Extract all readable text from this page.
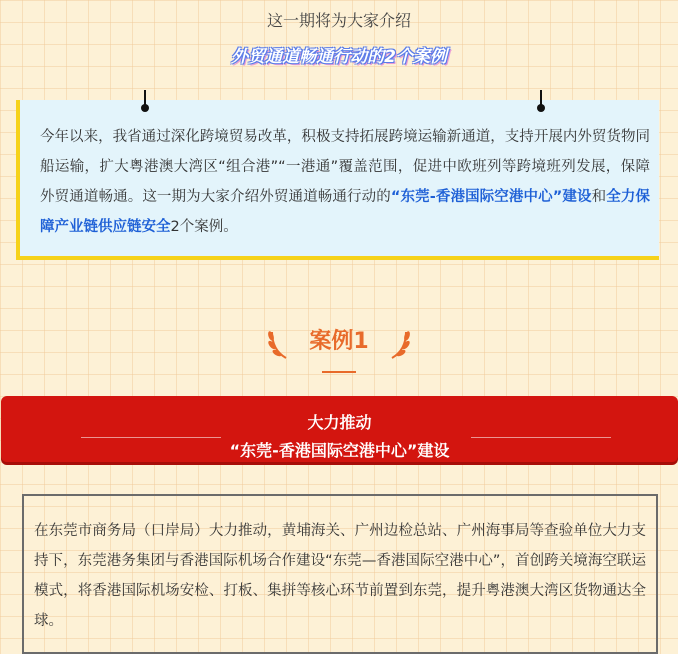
这一期将为大家介绍
外贸通道畅通行动的2个案例
今年以来，我省通过深化跨境贸易改革，积极支持拓展跨境运输新通道，支持开展内外贸货物同船运输，扩大粤港澳大湾区“组合港”“一港通”覆盖范围，促进中欧班列等跨境班列发展，保障外贸通道畅通。这一期为大家介绍外贸通道畅通行动的“东莞-香港国际空港中心”建设和全力保障产业链供应链安全2个案例。
案例1
大力推动
“东莞-香港国际空港中心”建设
在东莞市商务局（口岸局）大力推动，黄埔海关、广州边检总站、广州海事局等查验单位大力支持下，东莞港务集团与香港国际机场合作建设“东莞—香港国际空港中心”，首创跨关境海空联运模式，将香港国际机场安检、打板、集拼等核心环节前置到东莞，提升粤港澳大湾区货物通达全球。
